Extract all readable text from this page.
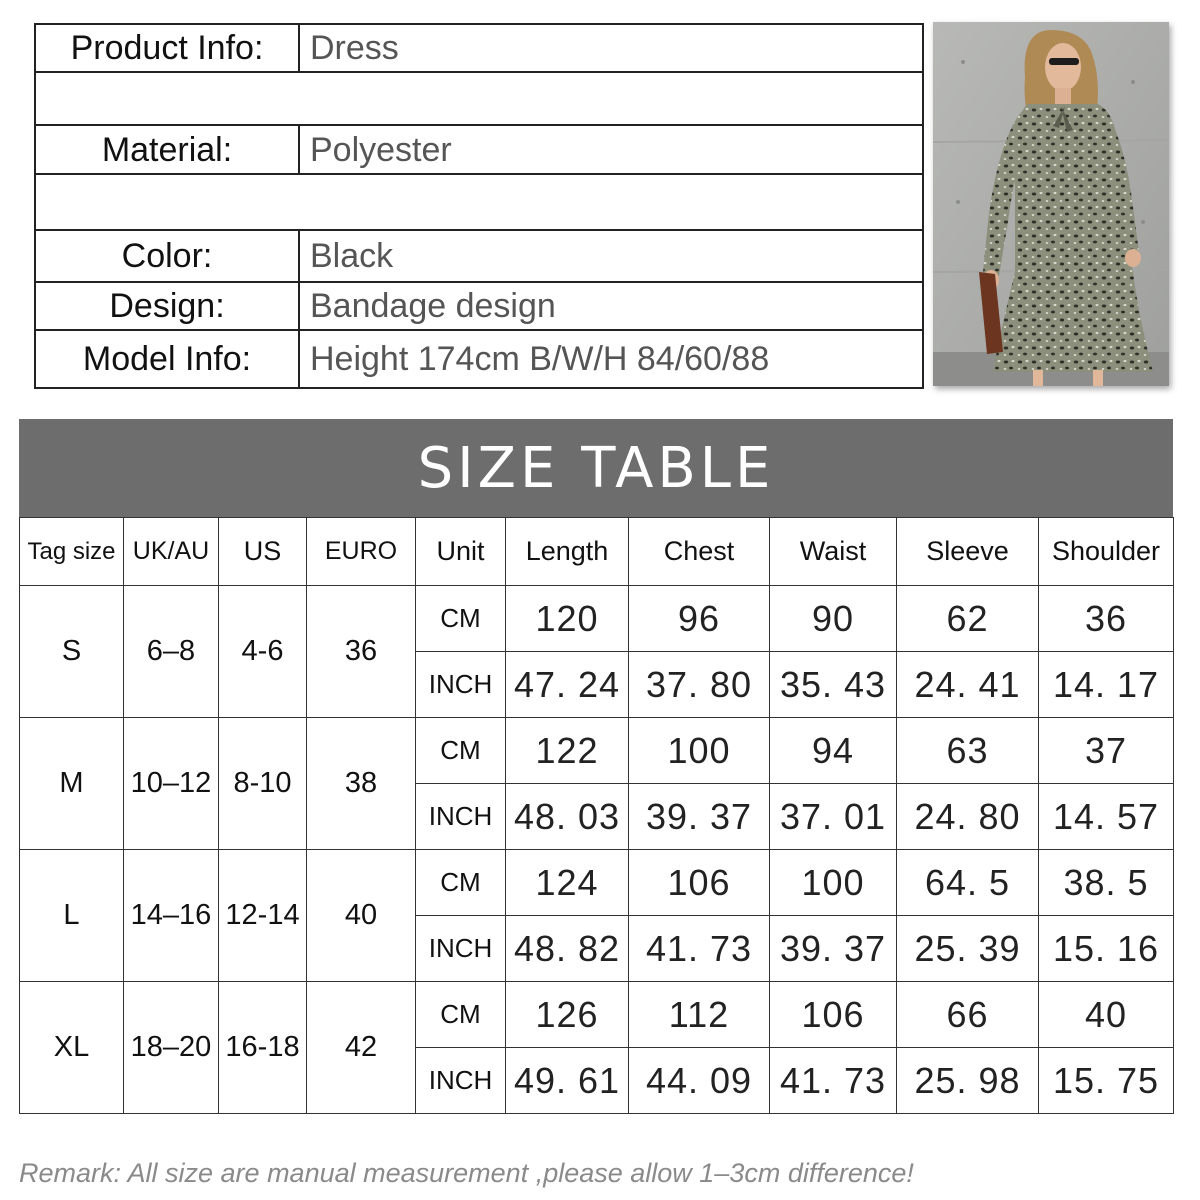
Product Info:	Dress
Material:	Polyester
Color:	Black
Design:	Bandage design
Model Info:	Height 174cm B/W/H 84/60/88
SIZE TABLE
Tag size	UK/AU	US	EURO	Unit	Length	Chest	Waist	Sleeve	Shoulder
S	6–8	4-6	36	CM	120	96	90	62	36
				INCH	47. 24	37. 80	35. 43	24. 41	14. 17
M	10–12	8-10	38	CM	122	100	94	63	37
				INCH	48. 03	39. 37	37. 01	24. 80	14. 57
L	14–16	12-14	40	CM	124	106	100	64. 5	38. 5
				INCH	48. 82	41. 73	39. 37	25. 39	15. 16
XL	18–20	16-18	42	CM	126	112	106	66	40
				INCH	49. 61	44. 09	41. 73	25. 98	15. 75
Remark: All size are manual measurement ,please allow 1–3cm difference!
